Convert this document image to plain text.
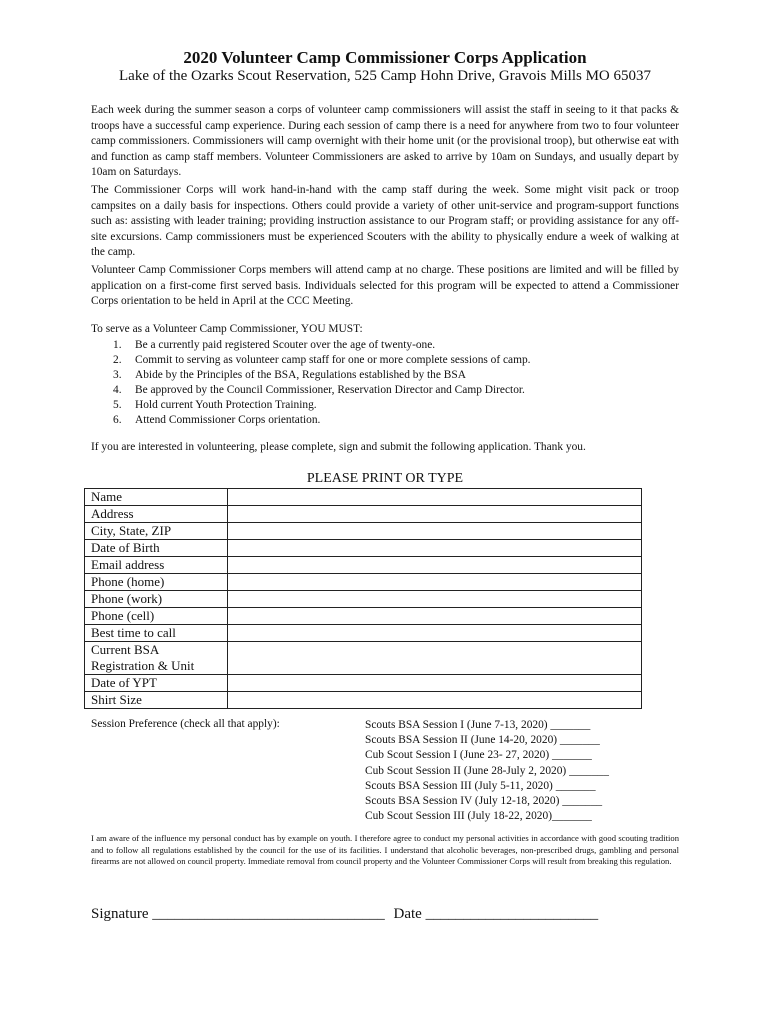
2020 Volunteer Camp Commissioner Corps Application
Lake of the Ozarks Scout Reservation, 525 Camp Hohn Drive, Gravois Mills MO 65037

Each week during the summer season a corps of volunteer camp commissioners will assist the staff in seeing to it that packs & troops have a successful camp experience. During each session of camp there is a need for anywhere from two to four volunteer camp commissioners. Commissioners will camp overnight with their home unit (or the provisional troop), but otherwise eat with and function as camp staff members. Volunteer Commissioners are asked to arrive by 10am on Sundays, and usually depart by 10am on Saturdays.

The Commissioner Corps will work hand-in-hand with the camp staff during the week. Some might visit pack or troop campsites on a daily basis for inspections. Others could provide a variety of other unit-service and program-support functions such as: assisting with leader training; providing instruction assistance to our Program staff; or providing assistance for any off-site excursions. Camp commissioners must be experienced Scouters with the ability to physically endure a week of walking at the camp.

Volunteer Camp Commissioner Corps members will attend camp at no charge. These positions are limited and will be filled by application on a first-come first served basis. Individuals selected for this program will be expected to attend a Commissioner Corps orientation to be held in April at the CCC Meeting.

To serve as a Volunteer Camp Commissioner, YOU MUST:
1. Be a currently paid registered Scouter over the age of twenty-one.
2. Commit to serving as volunteer camp staff for one or more complete sessions of camp.
3. Abide by the Principles of the BSA, Regulations established by the BSA
4. Be approved by the Council Commissioner, Reservation Director and Camp Director.
5. Hold current Youth Protection Training.
6. Attend Commissioner Corps orientation.
If you are interested in volunteering, please complete, sign and submit the following application. Thank you.
PLEASE PRINT OR TYPE
Name	
Address	
City, State, ZIP	
Date of Birth	
Email address	
Phone (home)	
Phone (work)	
Phone (cell)	
Best time to call	
Current BSA Registration & Unit	
Date of YPT	
Shirt Size	
Session Preference (check all that apply):	Scouts BSA Session I (June 7-13, 2020) _______
Scouts BSA Session II (June 14-20, 2020) _______
Cub Scout Session I (June 23- 27, 2020) _______
Cub Scout Session II (June 28-July 2, 2020) _______
Scouts BSA Session III (July 5-11, 2020) _______
Scouts BSA Session IV (July 12-18, 2020) _______
Cub Scout Session III (July 18-22, 2020)_______

I am aware of the influence my personal conduct has by example on youth. I therefore agree to conduct my personal activities in accordance with good scouting tradition and to follow all regulations established by the council for the use of its facilities. I understand that alcoholic beverages, non-prescribed drugs, gambling and personal firearms are not allowed on council property. Immediate removal from council property and the Volunteer Commissioner Corps will result from breaking this regulation.

Signature _______________________________ Date _______________________
